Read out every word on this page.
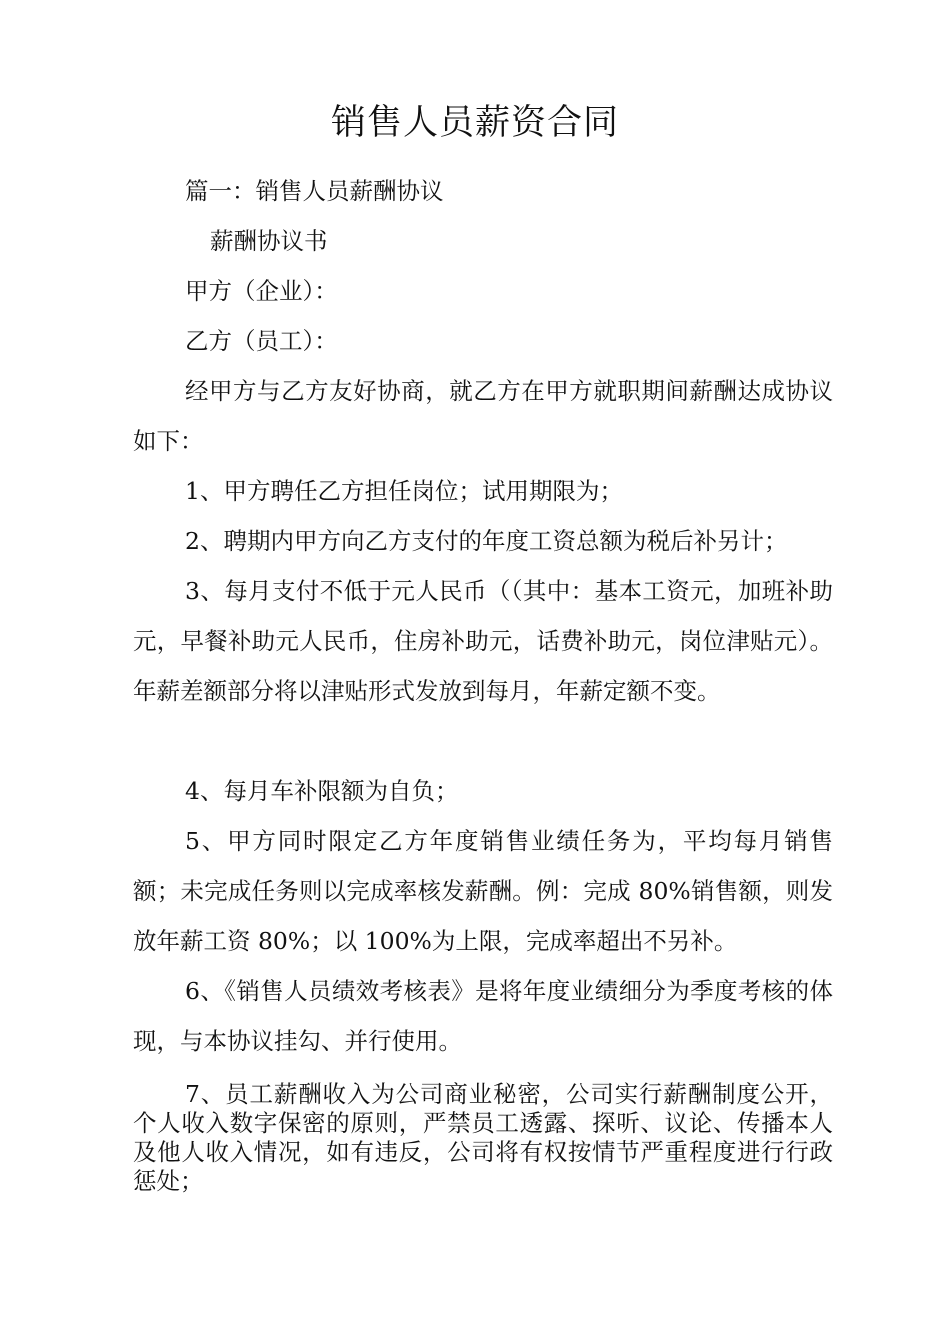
销售人员薪资合同

篇一：销售人员薪酬协议

薪酬协议书

甲方（企业）：

乙方（员工）：

经甲方与乙方友好协商，就乙方在甲方就职期间薪酬达成协议如下：

1、甲方聘任乙方担任岗位；试用期限为；

2、聘期内甲方向乙方支付的年度工资总额为税后补另计；

3、每月支付不低于元人民币（（其中：基本工资元，加班补助元，早餐补助元人民币，住房补助元，话费补助元，岗位津贴元）。年薪差额部分将以津贴形式发放到每月，年薪定额不变。

4、每月车补限额为自负；

5、甲方同时限定乙方年度销售业绩任务为，平均每月销售额；未完成任务则以完成率核发薪酬。例：完成 80%销售额，则发放年薪工资 80%；以 100%为上限，完成率超出不另补。

6、《销售人员绩效考核表》是将年度业绩细分为季度考核的体现，与本协议挂勾、并行使用。

7、员工薪酬收入为公司商业秘密，公司实行薪酬制度公开，个人收入数字保密的原则，严禁员工透露、探听、议论、传播本人及他人收入情况，如有违反，公司将有权按情节严重程度进行行政惩处；
